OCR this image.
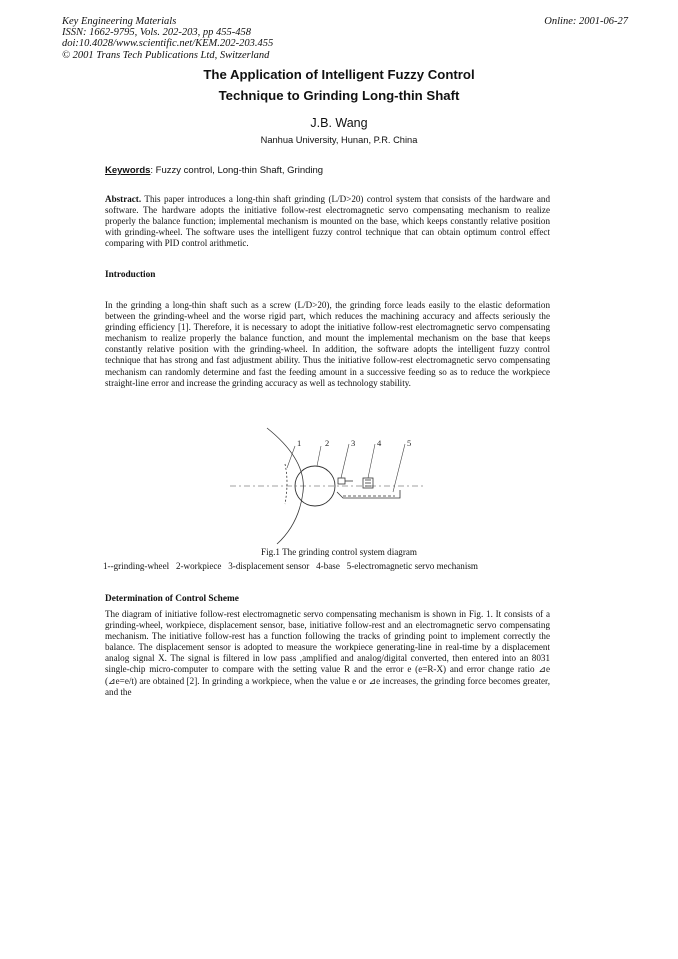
Key Engineering Materials
ISSN: 1662-9795, Vols. 202-203, pp 455-458
doi:10.4028/www.scientific.net/KEM.202-203.455
© 2001 Trans Tech Publications Ltd, Switzerland
Online: 2001-06-27
The Application of Intelligent Fuzzy Control
Technique to Grinding Long-thin Shaft
J.B. Wang
Nanhua University, Hunan, P.R. China
Keywords: Fuzzy control, Long-thin Shaft, Grinding
Abstract. This paper introduces a long-thin shaft grinding (L/D>20) control system that consists of the hardware and software. The hardware adopts the initiative follow-rest electromagnetic servo compensating mechanism to realize properly the balance function; implemental mechanism is mounted on the base, which keeps constantly relative position with grinding-wheel. The software uses the intelligent fuzzy control technique that can obtain optimum control effect comparing with PID control arithmetic.
Introduction
In the grinding a long-thin shaft such as a screw (L/D>20), the grinding force leads easily to the elastic deformation between the grinding-wheel and the worse rigid part, which reduces the machining accuracy and affects seriously the grinding efficiency [1]. Therefore, it is necessary to adopt the initiative follow-rest electromagnetic servo compensating mechanism to realize properly the balance function, and mount the implemental mechanism on the base that keeps constantly relative position with the grinding-wheel. In addition, the software adopts the intelligent fuzzy control technique that has strong and fast adjustment ability. Thus the initiative follow-rest electromagnetic servo compensating mechanism can randomly determine and fast the feeding amount in a successive feeding so as to reduce the workpiece straight-line error and increase the grinding accuracy as well as technology stability.
1	2	3	4	5
Fig.1 The grinding control system diagram
1--grinding-wheel   2-workpiece   3-displacement sensor   4-base   5-electromagnetic servo mechanism
Determination of Control Scheme
The diagram of initiative follow-rest electromagnetic servo compensating mechanism is shown in Fig. 1. It consists of a grinding-wheel, workpiece, displacement sensor, base, initiative follow-rest and an electromagnetic servo compensating mechanism. The initiative follow-rest has a function following the tracks of grinding point to implement correctly the balance. The displacement sensor is adopted to measure the workpiece generating-line in real-time by a displacement analog signal X. The signal is filtered in low pass ,amplified and analog/digital converted, then entered into an 8031 single-chip micro-computer to compare with the setting value R and the error e (e=R-X) and error change ratio ⊿e (⊿e=e/t) are obtained [2]. In grinding a workpiece, when the value e or ⊿e increases, the grinding force becomes greater, and the
